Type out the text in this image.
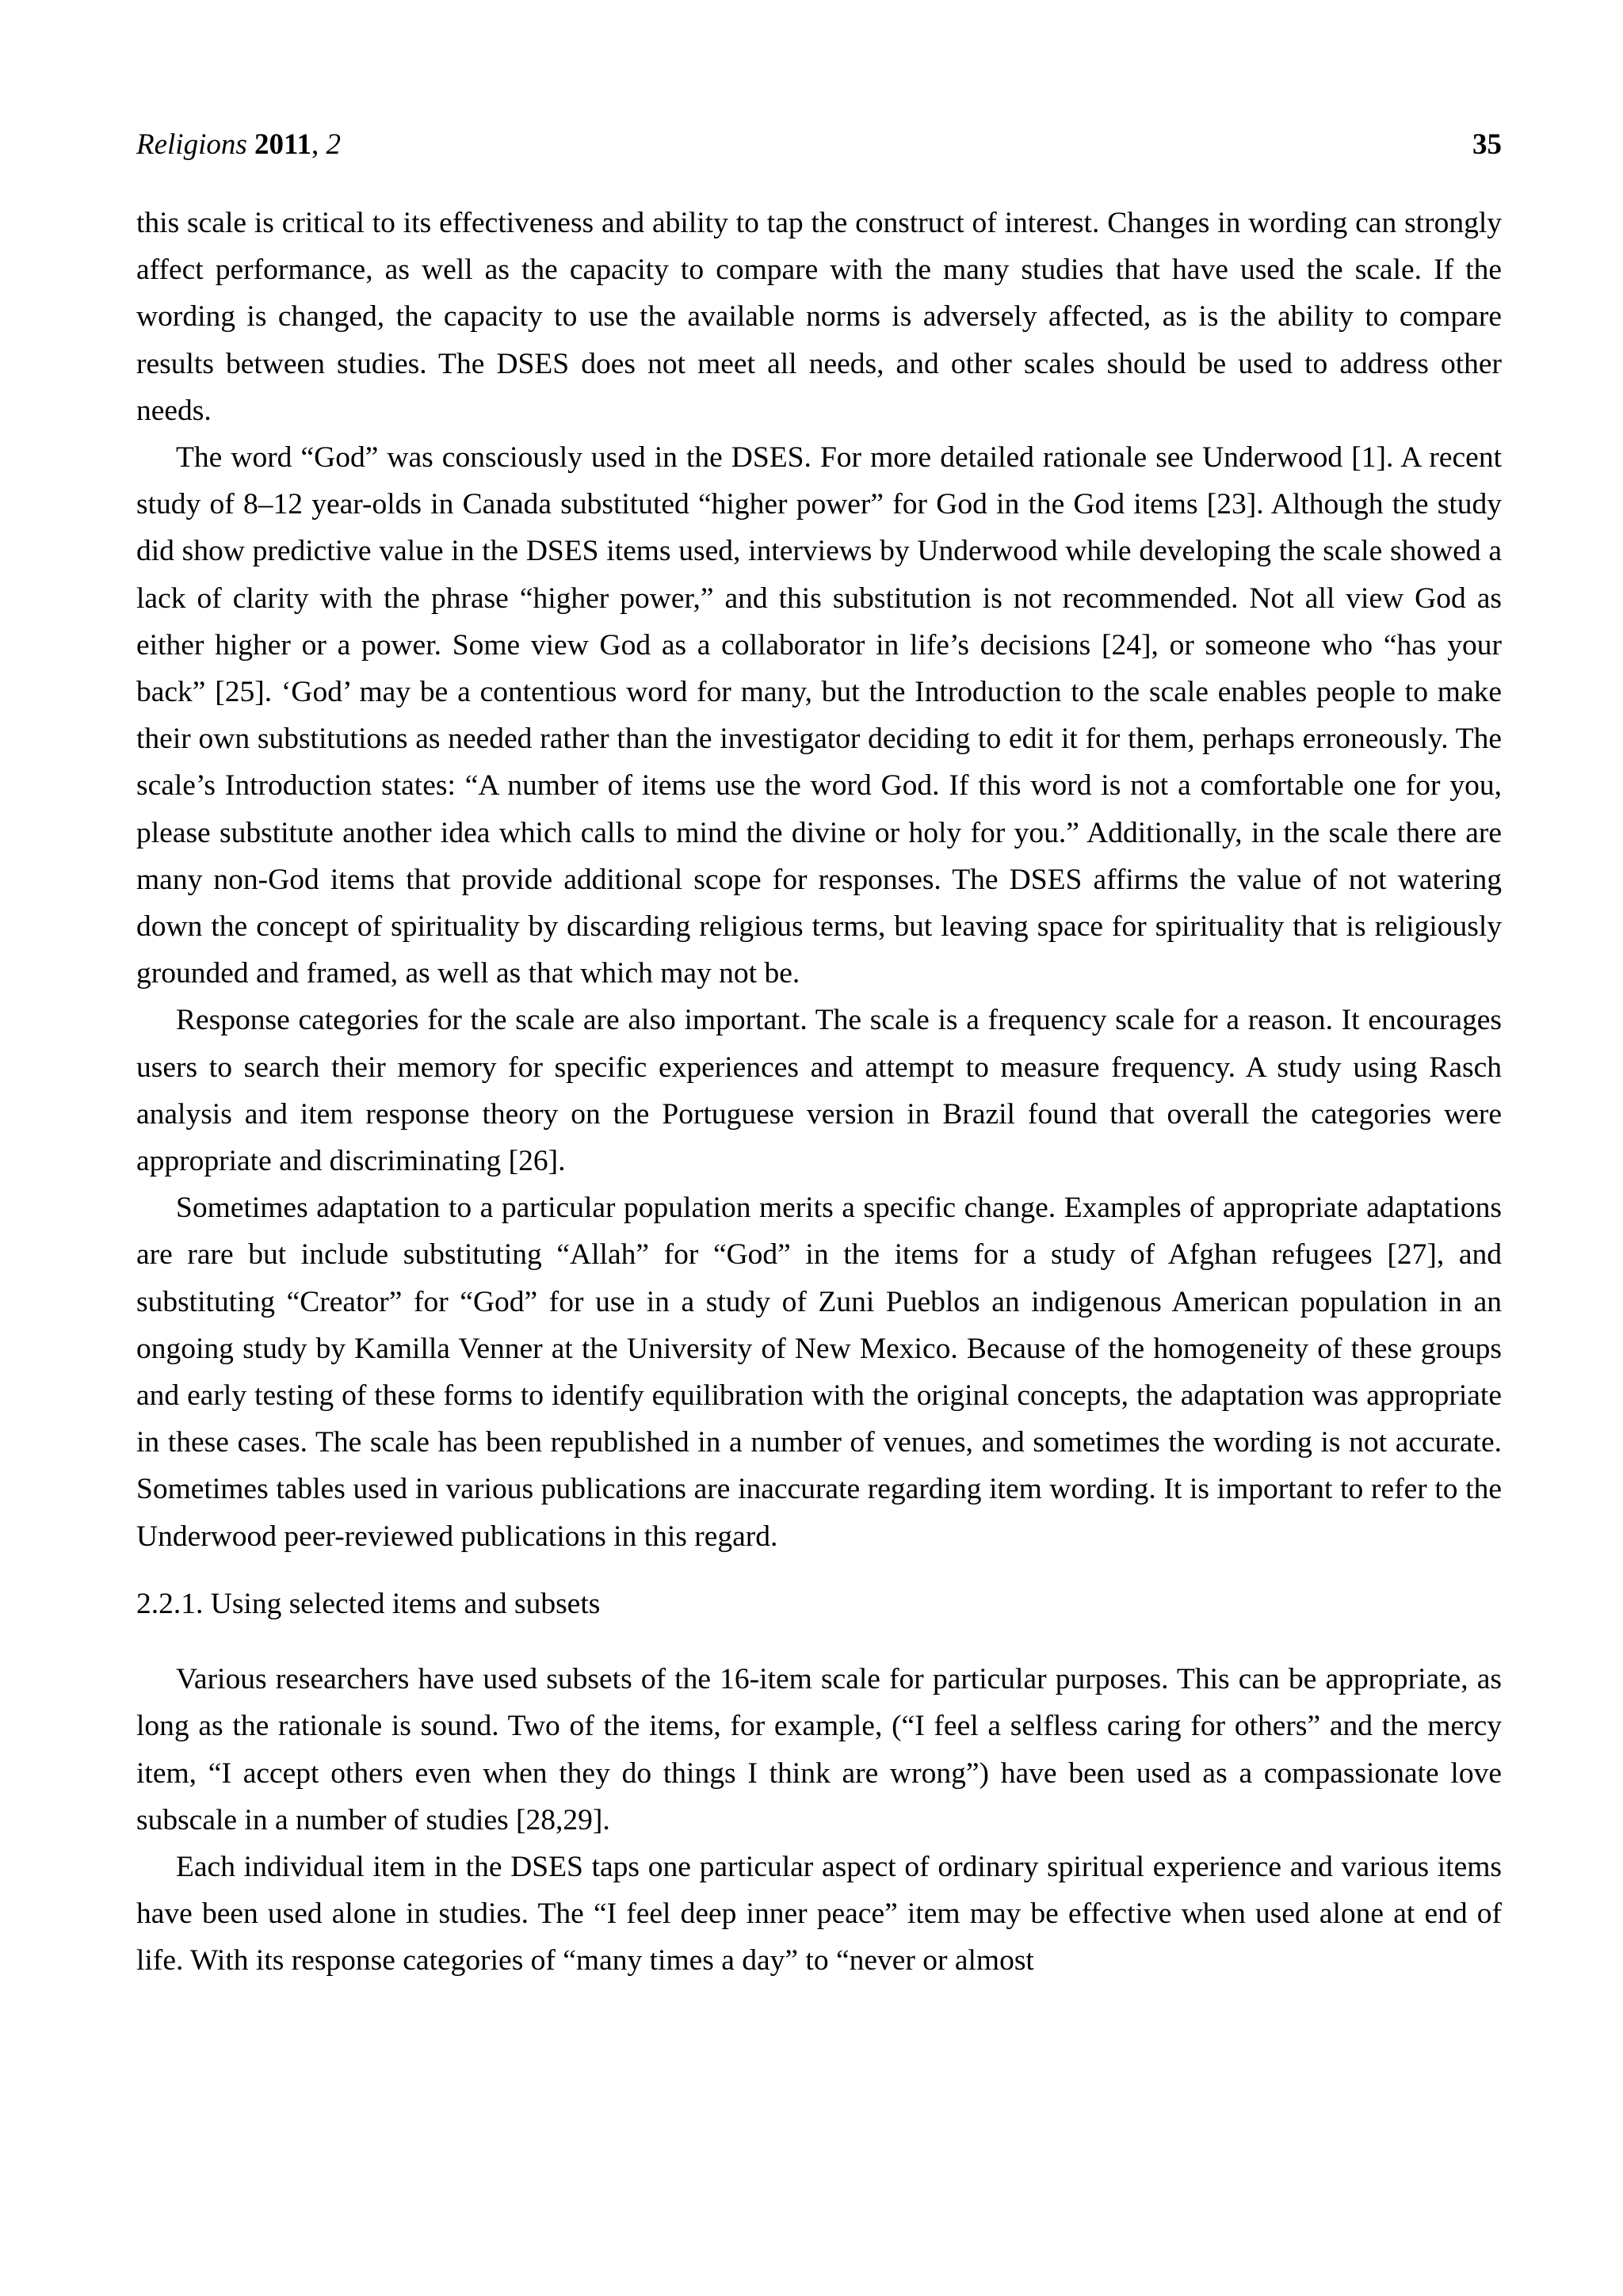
Religions 2011, 2	35

this scale is critical to its effectiveness and ability to tap the construct of interest. Changes in wording can strongly affect performance, as well as the capacity to compare with the many studies that have used the scale. If the wording is changed, the capacity to use the available norms is adversely affected, as is the ability to compare results between studies. The DSES does not meet all needs, and other scales should be used to address other needs.

The word “God” was consciously used in the DSES. For more detailed rationale see Underwood [1]. A recent study of 8–12 year-olds in Canada substituted “higher power” for God in the God items [23]. Although the study did show predictive value in the DSES items used, interviews by Underwood while developing the scale showed a lack of clarity with the phrase “higher power,” and this substitution is not recommended. Not all view God as either higher or a power. Some view God as a collaborator in life’s decisions [24], or someone who “has your back” [25]. ‘God’ may be a contentious word for many, but the Introduction to the scale enables people to make their own substitutions as needed rather than the investigator deciding to edit it for them, perhaps erroneously. The scale’s Introduction states: “A number of items use the word God. If this word is not a comfortable one for you, please substitute another idea which calls to mind the divine or holy for you.” Additionally, in the scale there are many non-God items that provide additional scope for responses. The DSES affirms the value of not watering down the concept of spirituality by discarding religious terms, but leaving space for spirituality that is religiously grounded and framed, as well as that which may not be.

Response categories for the scale are also important. The scale is a frequency scale for a reason. It encourages users to search their memory for specific experiences and attempt to measure frequency. A study using Rasch analysis and item response theory on the Portuguese version in Brazil found that overall the categories were appropriate and discriminating [26].

Sometimes adaptation to a particular population merits a specific change. Examples of appropriate adaptations are rare but include substituting “Allah” for “God” in the items for a study of Afghan refugees [27], and substituting “Creator” for “God” for use in a study of Zuni Pueblos an indigenous American population in an ongoing study by Kamilla Venner at the University of New Mexico. Because of the homogeneity of these groups and early testing of these forms to identify equilibration with the original concepts, the adaptation was appropriate in these cases. The scale has been republished in a number of venues, and sometimes the wording is not accurate. Sometimes tables used in various publications are inaccurate regarding item wording. It is important to refer to the Underwood peer-reviewed publications in this regard.

2.2.1. Using selected items and subsets

Various researchers have used subsets of the 16-item scale for particular purposes. This can be appropriate, as long as the rationale is sound. Two of the items, for example, (“I feel a selfless caring for others” and the mercy item, “I accept others even when they do things I think are wrong”) have been used as a compassionate love subscale in a number of studies [28,29].

Each individual item in the DSES taps one particular aspect of ordinary spiritual experience and various items have been used alone in studies. The “I feel deep inner peace” item may be effective when used alone at end of life. With its response categories of “many times a day” to “never or almost
